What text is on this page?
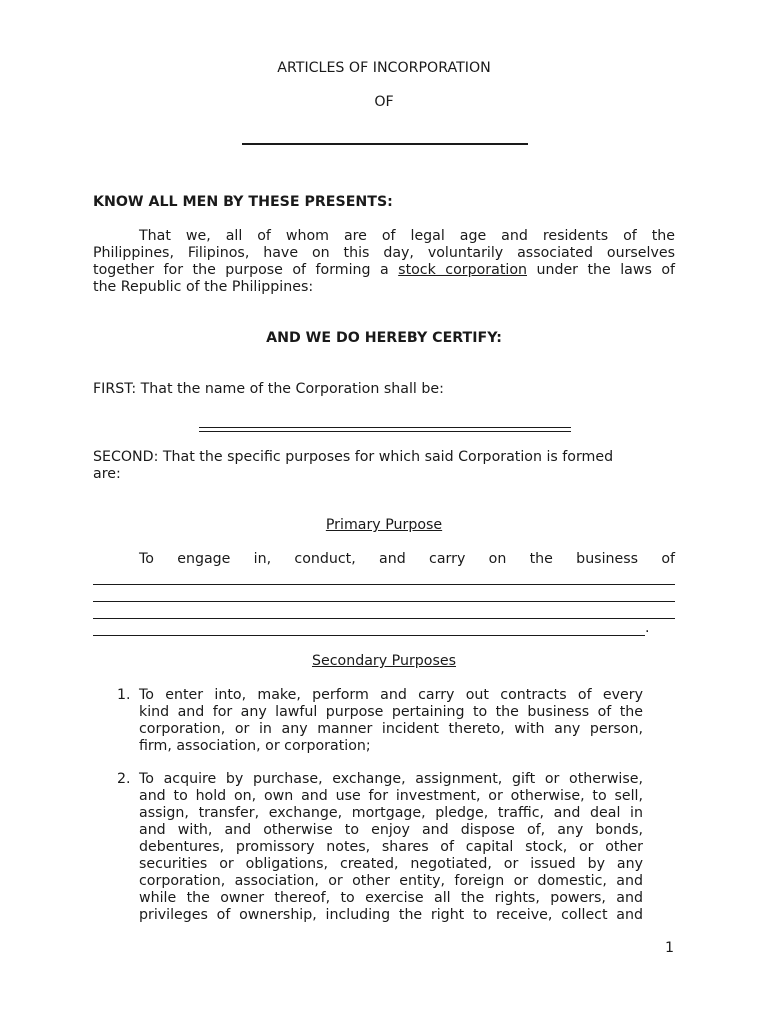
ARTICLES OF INCORPORATION
OF
KNOW ALL MEN BY THESE PRESENTS:
That we, all of whom are of legal age and residents of the
Philippines, Filipinos, have on this day, voluntarily associated ourselves
together for the purpose of forming a stock corporation under the laws of
the Republic of the Philippines:
AND WE DO HEREBY CERTIFY:
FIRST: That the name of the Corporation shall be:
SECOND: That the specific purposes for which said Corporation is formed
are:
Primary Purpose
To engage in, conduct, and carry on the business of
.
Secondary Purposes
1. To enter into, make, perform and carry out contracts of every
kind and for any lawful purpose pertaining to the business of the
corporation, or in any manner incident thereto, with any person,
firm, association, or corporation;
2. To acquire by purchase, exchange, assignment, gift or otherwise,
and to hold on, own and use for investment, or otherwise, to sell,
assign, transfer, exchange, mortgage, pledge, traffic, and deal in
and with, and otherwise to enjoy and dispose of, any bonds,
debentures, promissory notes, shares of capital stock, or other
securities or obligations, created, negotiated, or issued by any
corporation, association, or other entity, foreign or domestic, and
while the owner thereof, to exercise all the rights, powers, and
privileges of ownership, including the right to receive, collect and
1
